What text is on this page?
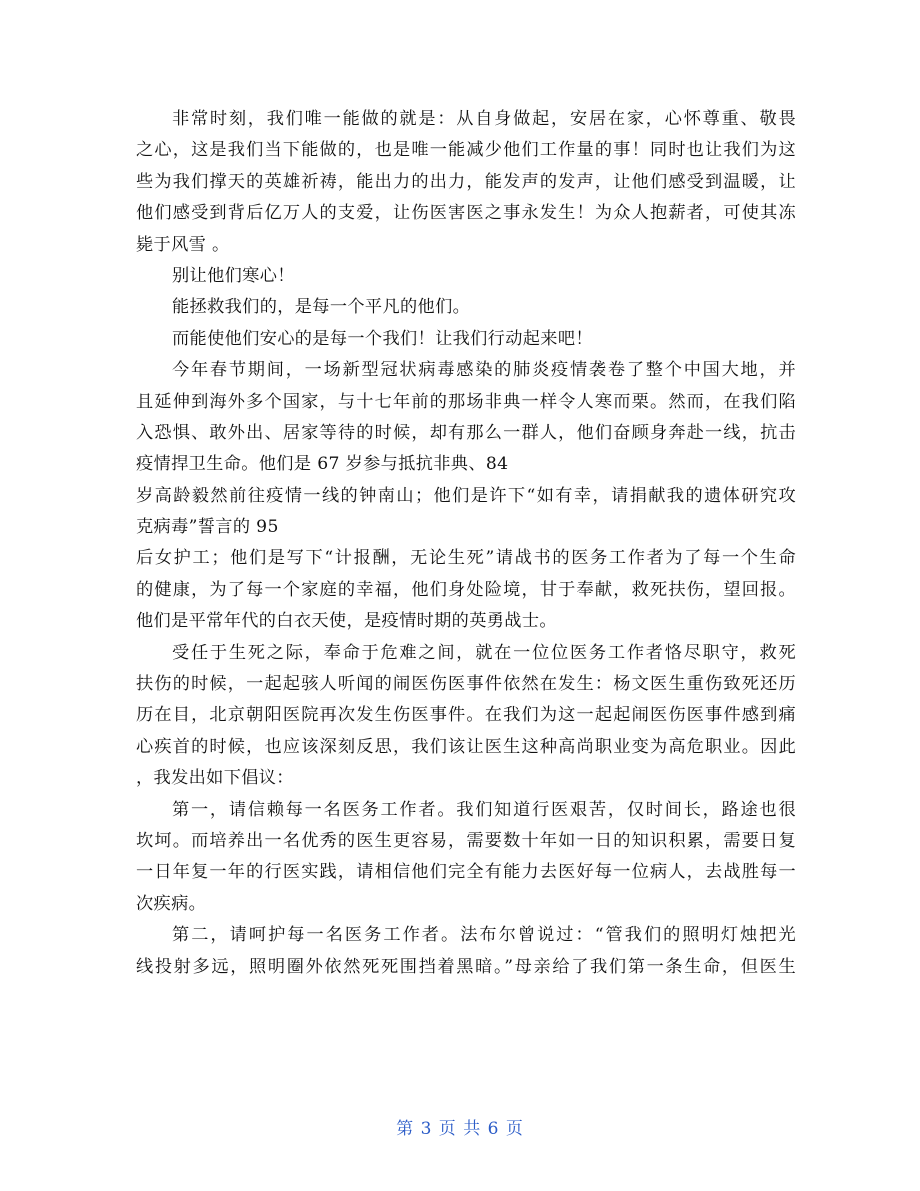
非常时刻，我们唯一能做的就是：从自身做起，安居在家，心怀尊重、敬畏
之心，这是我们当下能做的，也是唯一能减少他们工作量的事！同时也让我们为这
些为我们撑天的英雄祈祷，能出力的出力，能发声的发声，让他们感受到温暖，让
他们感受到背后亿万人的支爱，让伤医害医之事永发生！为众人抱薪者，可使其冻
毙于风雪 。
别让他们寒心！
能拯救我们的，是每一个平凡的他们。
而能使他们安心的是每一个我们！让我们行动起来吧！
今年春节期间，一场新型冠状病毒感染的肺炎疫情袭卷了整个中国大地，并
且延伸到海外多个国家，与十七年前的那场非典一样令人寒而栗。然而，在我们陷
入恐惧、敢外出、居家等待的时候，却有那么一群人，他们奋顾身奔赴一线，抗击
疫情捍卫生命。他们是 67 岁参与抵抗非典、84
岁高龄毅然前往疫情一线的钟南山；他们是许下“如有幸，请捐献我的遗体研究攻
克病毒”誓言的 95
后女护工；他们是写下“计报酬，无论生死”请战书的医务工作者为了每一个生命
的健康，为了每一个家庭的幸福，他们身处险境，甘于奉献，救死扶伤，望回报。
他们是平常年代的白衣天使，是疫情时期的英勇战士。
受任于生死之际，奉命于危难之间，就在一位位医务工作者恪尽职守，救死
扶伤的时候，一起起骇人听闻的闹医伤医事件依然在发生：杨文医生重伤致死还历
历在目，北京朝阳医院再次发生伤医事件。在我们为这一起起闹医伤医事件感到痛
心疾首的时候，也应该深刻反思，我们该让医生这种高尚职业变为高危职业。因此
，我发出如下倡议：
第一，请信赖每一名医务工作者。我们知道行医艰苦，仅时间长，路途也很
坎坷。而培养出一名优秀的医生更容易，需要数十年如一日的知识积累，需要日复
一日年复一年的行医实践，请相信他们完全有能力去医好每一位病人，去战胜每一
次疾病。
第二，请呵护每一名医务工作者。法布尔曾说过：“管我们的照明灯烛把光
线投射多远，照明圈外依然死死围挡着黑暗。”母亲给了我们第一条生命，但医生
第 3 页 共 6 页
